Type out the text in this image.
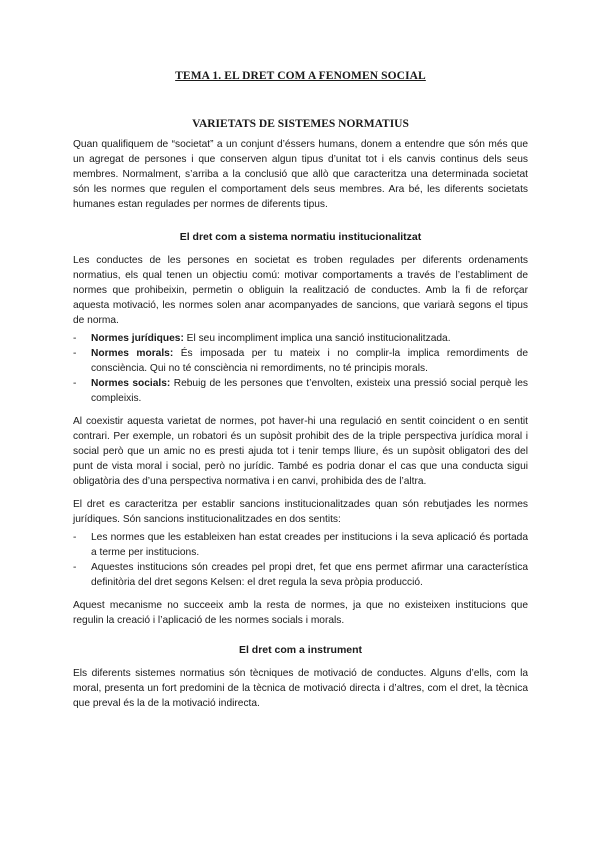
TEMA 1. EL DRET COM A FENOMEN SOCIAL
VARIETATS DE SISTEMES NORMATIUS

Quan qualifiquem de “societat” a un conjunt d’éssers humans, donem a entendre que són més que un agregat de persones i que conserven algun tipus d’unitat tot i els canvis continus dels seus membres. Normalment, s’arriba a la conclusió que allò que caracteritza una determinada societat són les normes que regulen el comportament dels seus membres. Ara bé, les diferents societats humanes estan regulades per normes de diferents tipus.

El dret com a sistema normatiu institucionalitzat

Les conductes de les persones en societat es troben regulades per diferents ordenaments normatius, els qual tenen un objectiu comú: motivar comportaments a través de l’establiment de normes que prohibeixin, permetin o obliguin la realització de conductes. Amb la fi de reforçar aquesta motivació, les normes solen anar acompanyades de sancions, que variarà segons el tipus de norma.

- Normes jurídiques: El seu incompliment implica una sanció institucionalitzada.
- Normes morals: És imposada per tu mateix i no complir-la implica remordiments de consciència. Qui no té consciència ni remordiments, no té principis morals.
- Normes socials: Rebuig de les persones que t’envolten, existeix una pressió social perquè les compleixis.

Al coexistir aquesta varietat de normes, pot haver-hi una regulació en sentit coincident o en sentit contrari. Per exemple, un robatori és un supòsit prohibit des de la triple perspectiva jurídica moral i social però que un amic no es presti ajuda tot i tenir temps lliure, és un supòsit obligatori des del punt de vista moral i social, però no jurídic. També es podria donar el cas que una conducta sigui obligatòria des d’una perspectiva normativa i en canvi, prohibida des de l’altra.

El dret es caracteritza per establir sancions institucionalitzades quan són rebutjades les normes jurídiques. Són sancions institucionalitzades en dos sentits:

- Les normes que les estableixen han estat creades per institucions i la seva aplicació és portada a terme per institucions.
- Aquestes institucions són creades pel propi dret, fet que ens permet afirmar una característica definitòria del dret segons Kelsen: el dret regula la seva pròpia producció.

Aquest mecanisme no succeeix amb la resta de normes, ja que no existeixen institucions que regulin la creació i l’aplicació de les normes socials i morals.

El dret com a instrument

Els diferents sistemes normatius són tècniques de motivació de conductes. Alguns d’ells, com la moral, presenta un fort predomini de la tècnica de motivació directa i d’altres, com el dret, la tècnica que preval és la de la motivació indirecta.
